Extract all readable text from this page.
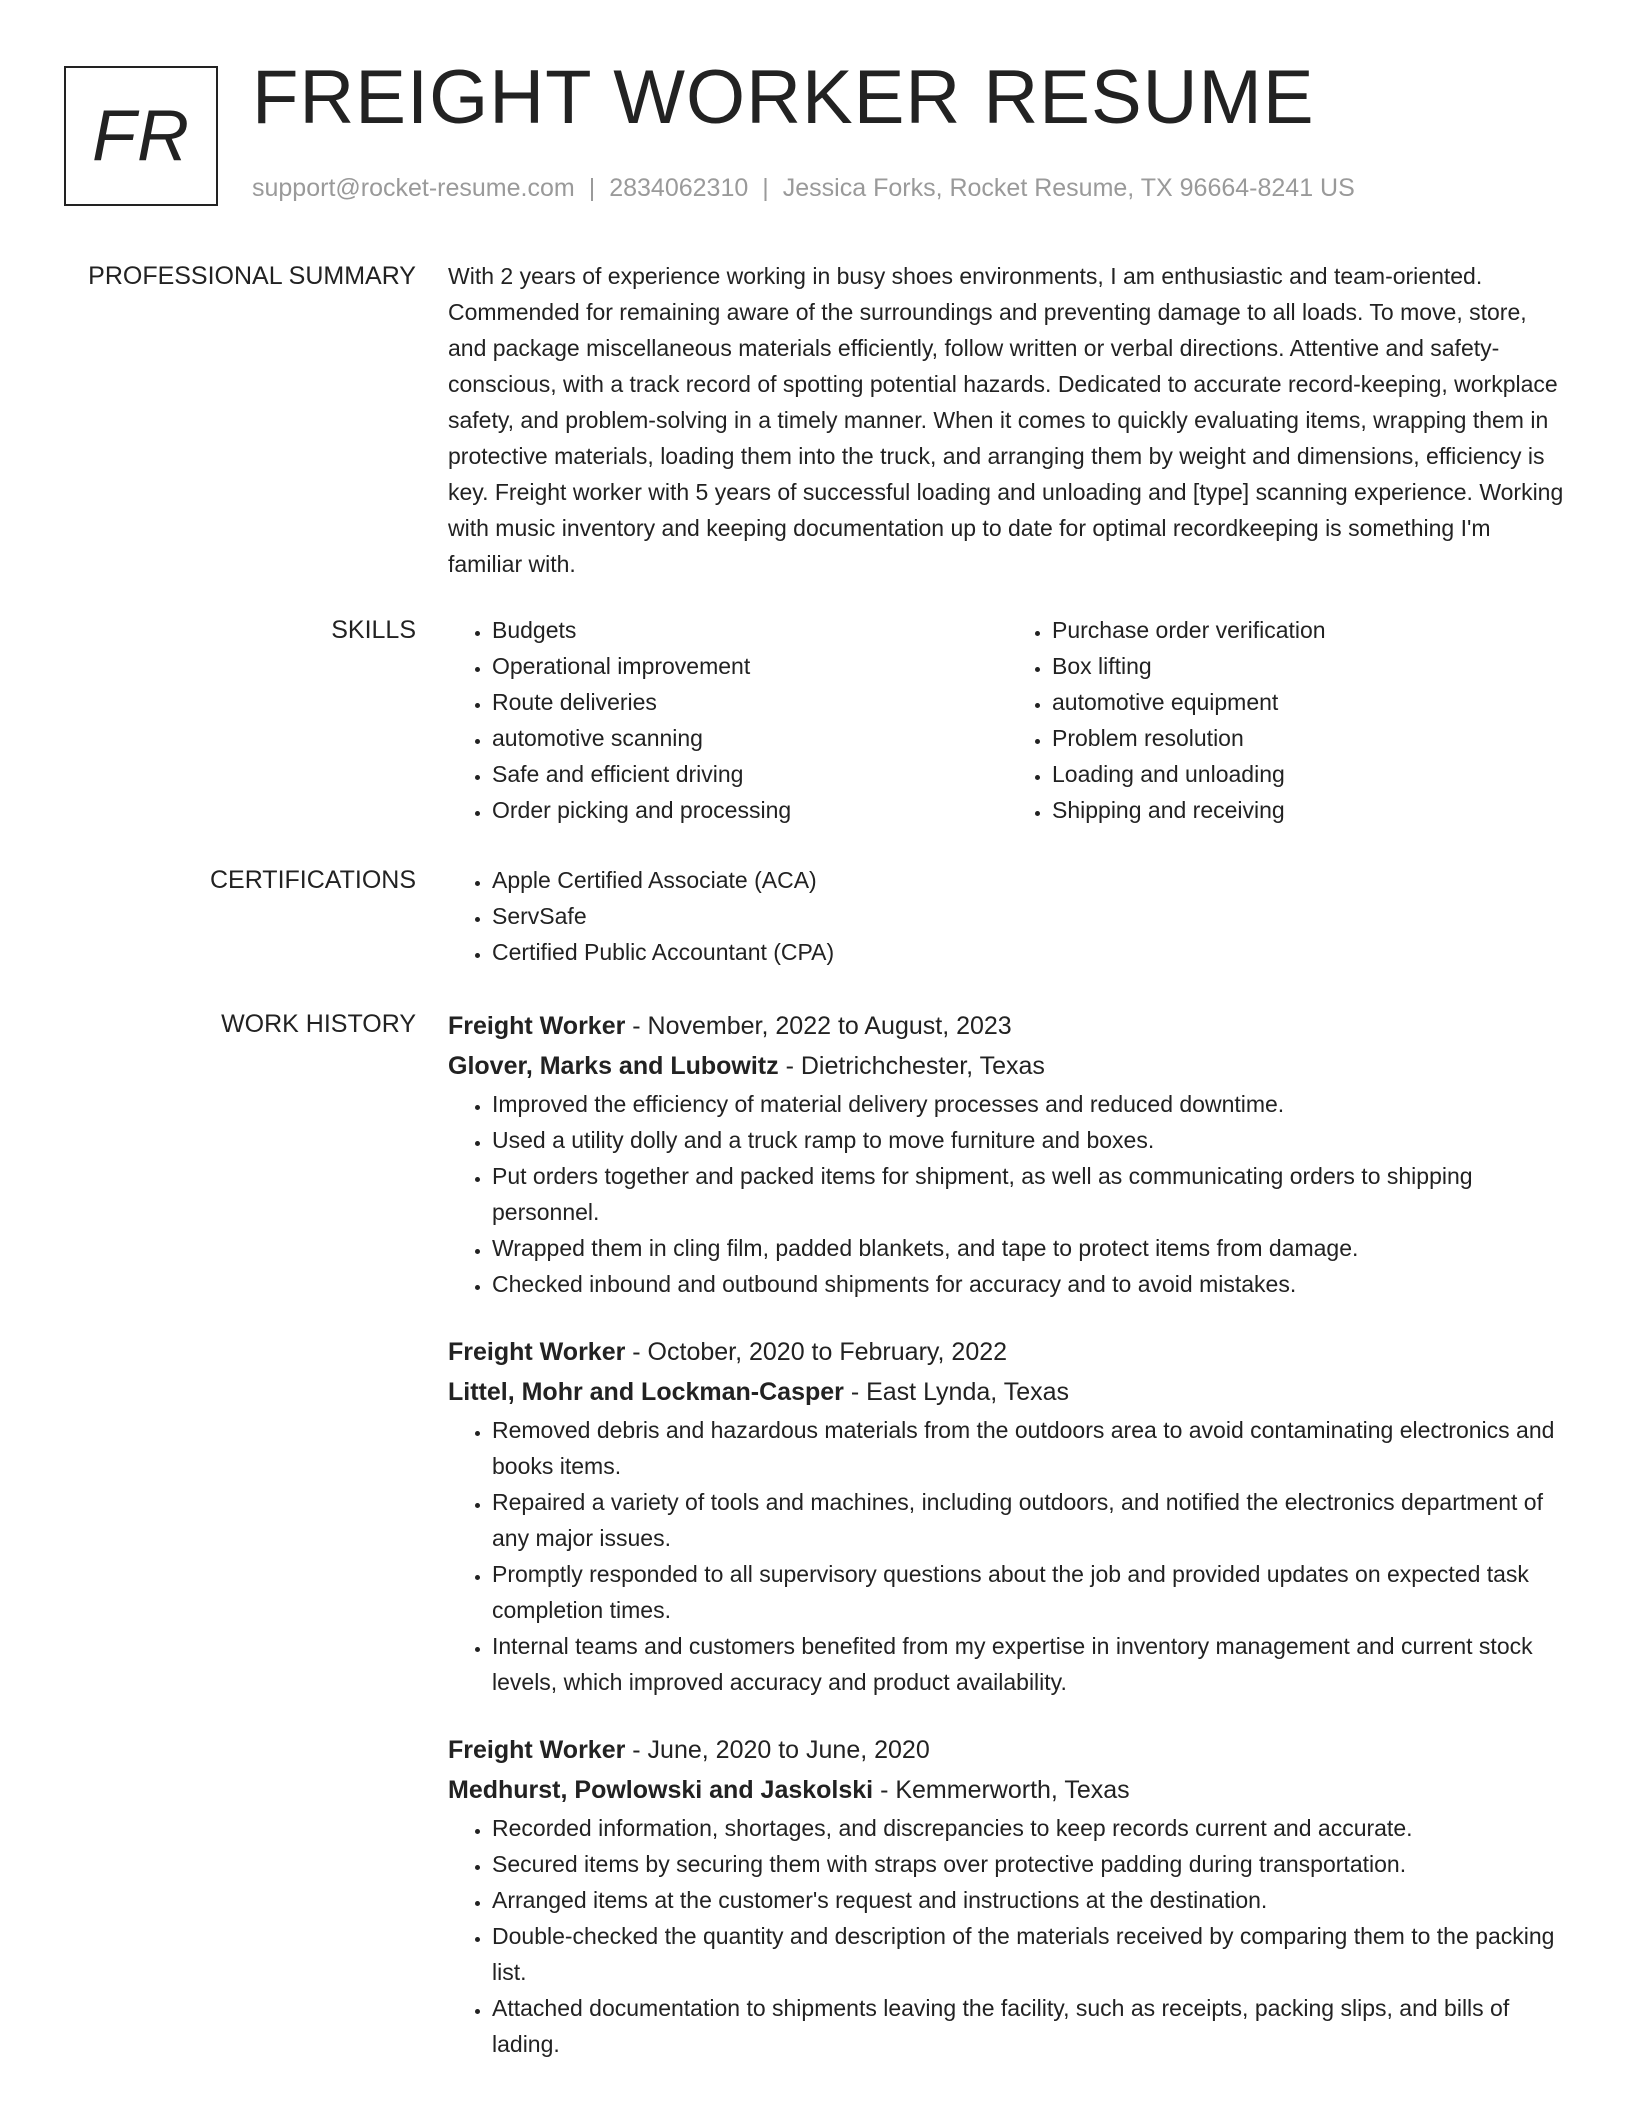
FR FREIGHT WORKER RESUME
support@rocket-resume.com | 2834062310 | Jessica Forks, Rocket Resume, TX 96664-8241 US
PROFESSIONAL SUMMARY With 2 years of experience working in busy shoes environments, I am enthusiastic and team-oriented. Commended for remaining aware of the surroundings and preventing damage to all loads. To move, store, and package miscellaneous materials efficiently, follow written or verbal directions. Attentive and safety-conscious, with a track record of spotting potential hazards. Dedicated to accurate record-keeping, workplace safety, and problem-solving in a timely manner. When it comes to quickly evaluating items, wrapping them in protective materials, loading them into the truck, and arranging them by weight and dimensions, efficiency is key. Freight worker with 5 years of successful loading and unloading and [type] scanning experience. Working with music inventory and keeping documentation up to date for optimal recordkeeping is something I'm familiar with.

SKILLS	• Budgets
• Operational improvement
• Route deliveries
• automotive scanning
• Safe and efficient driving
• Order picking and processing
• Purchase order verification
• Box lifting
• automotive equipment
• Problem resolution
• Loading and unloading
• Shipping and receiving
CERTIFICATIONS	• Apple Certified Associate (ACA)
• ServSafe
• Certified Public Accountant (CPA)
WORK HISTORY Freight Worker - November, 2022 to August, 2023
Glover, Marks and Lubowitz - Dietrichchester, Texas
• Improved the efficiency of material delivery processes and reduced downtime.
• Used a utility dolly and a truck ramp to move furniture and boxes.
• Put orders together and packed items for shipment, as well as communicating orders to shipping personnel.
• Wrapped them in cling film, padded blankets, and tape to protect items from damage.
• Checked inbound and outbound shipments for accuracy and to avoid mistakes.
Freight Worker - October, 2020 to February, 2022
Littel, Mohr and Lockman-Casper - East Lynda, Texas
• Removed debris and hazardous materials from the outdoors area to avoid contaminating electronics and books items.
• Repaired a variety of tools and machines, including outdoors, and notified the electronics department of any major issues.
• Promptly responded to all supervisory questions about the job and provided updates on expected task completion times.
• Internal teams and customers benefited from my expertise in inventory management and current stock levels, which improved accuracy and product availability.
Freight Worker - June, 2020 to June, 2020
Medhurst, Powlowski and Jaskolski - Kemmerworth, Texas
• Recorded information, shortages, and discrepancies to keep records current and accurate.
• Secured items by securing them with straps over protective padding during transportation.
• Arranged items at the customer's request and instructions at the destination.
• Double-checked the quantity and description of the materials received by comparing them to the packing list.
• Attached documentation to shipments leaving the facility, such as receipts, packing slips, and bills of lading.
